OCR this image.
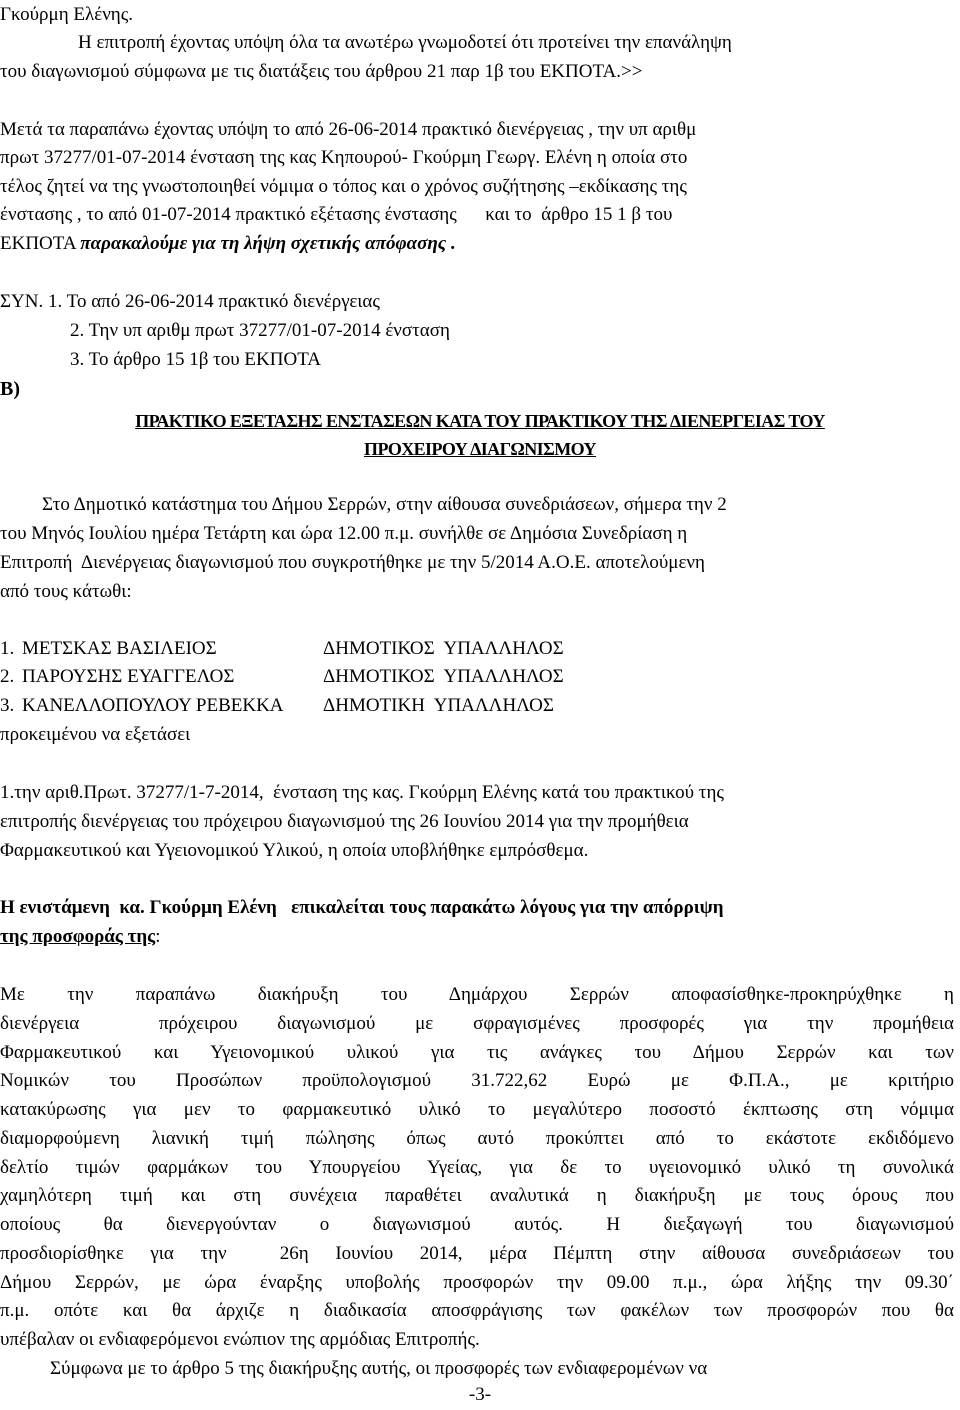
Γκούρμη Ελένης.
Η επιτροπή έχοντας υπόψη όλα τα ανωτέρω γνωμοδοτεί ότι προτείνει την επανάληψη
του διαγωνισμού σύμφωνα με τις διατάξεις του άρθρου 21 παρ 1β του ΕΚΠΟΤΑ.>>
Μετά τα παραπάνω έχοντας υπόψη το από 26-06-2014 πρακτικό διενέργειας , την υπ αριθμ
πρωτ 37277/01-07-2014 ένσταση της κας Κηπουρού- Γκούρμη Γεωργ. Ελένη η οποία στο
τέλος ζητεί να της γνωστοποιηθεί νόμιμα ο τόπος και ο χρόνος συζήτησης –εκδίκασης της
ένστασης , το από 01-07-2014 πρακτικό εξέτασης ένστασης      και το  άρθρο 15 1 β του
ΕΚΠΟΤΑ παρακαλούμε για τη λήψη σχετικής απόφασης .
ΣΥΝ. 1. Το από 26-06-2014 πρακτικό διενέργειας
2. Την υπ αριθμ πρωτ 37277/01-07-2014 ένσταση
3. Το άρθρο 15 1β του ΕΚΠΟΤΑ
Β)
ΠΡΑΚΤΙΚΟ ΕΞΕΤΑΣΗΣ ΕΝΣΤΑΣΕΩΝ ΚΑΤΑ ΤΟΥ ΠΡΑΚΤΙΚΟΥ ΤΗΣ ΔΙΕΝΕΡΓΕΙΑΣ ΤΟΥ
ΠΡΟΧΕΙΡΟΥ ΔΙΑΓΩΝΙΣΜΟΥ
Στο Δημοτικό κατάστημα του Δήμου Σερρών, στην αίθουσα συνεδριάσεων, σήμερα την 2
του Μηνός Ιουλίου ημέρα Τετάρτη και ώρα 12.00 π.μ. συνήλθε σε Δημόσια Συνεδρίαση η
Επιτροπή  Διενέργειας διαγωνισμού που συγκροτήθηκε με την 5/2014 Α.Ο.Ε. αποτελούμενη
από τους κάτωθι:
1. ΜΕΤΣΚΑΣ ΒΑΣΙΛΕΙΟΣ	ΔΗΜΟΤΙΚΟΣ  ΥΠΑΛΛΗΛΟΣ
2. ΠΑΡΟΥΣΗΣ ΕΥΑΓΓΕΛΟΣ	ΔΗΜΟΤΙΚΟΣ  ΥΠΑΛΛΗΛΟΣ
3. ΚΑΝΕΛΛΟΠΟΥΛΟΥ ΡΕΒΕΚΚΑ	ΔΗΜΟΤΙΚΗ  ΥΠΑΛΛΗΛΟΣ
προκειμένου να εξετάσει
1.την αριθ.Πρωτ. 37277/1-7-2014,  ένσταση της κας. Γκούρμη Ελένης κατά του πρακτικού της
επιτροπής διενέργειας του πρόχειρου διαγωνισμού της 26 Ιουνίου 2014 για την προμήθεια
Φαρμακευτικού και Υγειονομικού Υλικού, η οποία υποβλήθηκε εμπρόσθεμα.
Η ενιστάμενη  κα. Γκούρμη Ελένη   επικαλείται τους παρακάτω λόγους για την απόρριψη
της προσφοράς της:
Με την παραπάνω διακήρυξη του Δημάρχου Σερρών αποφασίσθηκε-προκηρύχθηκε η
διενέργεια  πρόχειρου διαγωνισμού με σφραγισμένες προσφορές για την προμήθεια
Φαρμακευτικού και Υγειονομικού υλικού για τις ανάγκες του Δήμου Σερρών και των
Νομικών του Προσώπων προϋπολογισμού 31.722,62 Ευρώ με Φ.Π.Α., με κριτήριο
κατακύρωσης για μεν το φαρμακευτικό υλικό το μεγαλύτερο ποσοστό έκπτωσης στη νόμιμα
διαμορφούμενη λιανική τιμή πώλησης όπως αυτό προκύπτει από το εκάστοτε εκδιδόμενο
δελτίο τιμών φαρμάκων του Υπουργείου Υγείας, για δε το υγειονομικό υλικό τη συνολικά
χαμηλότερη τιμή και στη συνέχεια παραθέτει αναλυτικά η διακήρυξη με τους όρους που
οποίους θα διενεργούνταν ο διαγωνισμού αυτός. Η διεξαγωγή του διαγωνισμού
προσδιορίσθηκε για την  26η Ιουνίου 2014, μέρα Πέμπτη στην αίθουσα συνεδριάσεων του
Δήμου Σερρών, με ώρα έναρξης υποβολής προσφορών την 09.00 π.μ., ώρα λήξης την 09.30΄
π.μ. οπότε και θα άρχιζε η διαδικασία αποσφράγισης των φακέλων των προσφορών που θα
υπέβαλαν οι ενδιαφερόμενοι ενώπιον της αρμόδιας Επιτροπής.
Σύμφωνα με το άρθρο 5 της διακήρυξης αυτής, οι προσφορές των ενδιαφερομένων να
-3-
